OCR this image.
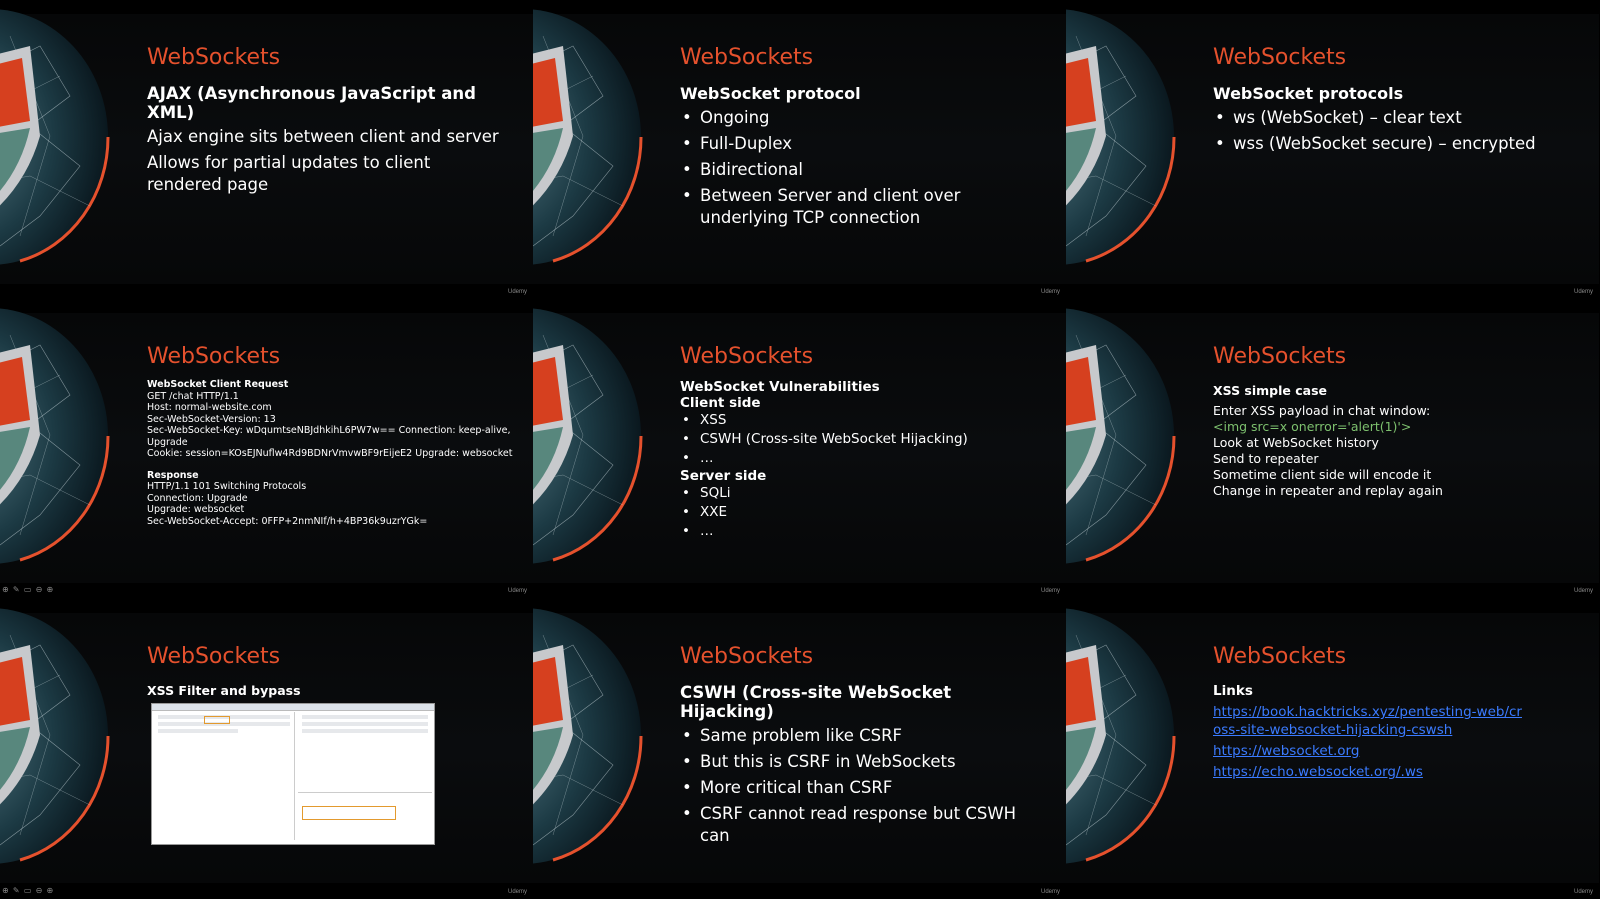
WebSockets
AJAX (Asynchronous JavaScript and XML)
Ajax engine sits between client and server
Allows for partial updates to client rendered page
Udemy
WebSockets
WebSocket protocol
• Ongoing
• Full-Duplex
• Bidirectional
• Between Server and client over underlying TCP connection
Udemy
WebSockets
WebSocket protocols
• ws (WebSocket) – clear text
• wss (WebSocket secure) – encrypted
Udemy
WebSockets
WebSocket Client Request
GET /chat HTTP/1.1
Host: normal-website.com
Sec-WebSocket-Version: 13
Sec-WebSocket-Key: wDqumtseNBJdhkihL6PW7w== Connection: keep-alive, Upgrade
Cookie: session=KOsEJNuflw4Rd9BDNrVmvwBF9rEijeE2 Upgrade: websocket
Response
HTTP/1.1 101 Switching Protocols
Connection: Upgrade
Upgrade: websocket
Sec-WebSocket-Accept: 0FFP+2nmNIf/h+4BP36k9uzrYGk=
⊕ ✎ ▭ ⊖ ⊕	Udemy
WebSockets
WebSocket Vulnerabilities
Client side
• XSS
• CSWH (Cross-site WebSocket Hijacking)
• …
Server side
• SQLi
• XXE
• …
Udemy
WebSockets
XSS simple case
Enter XSS payload in chat window:
<img src=x onerror='alert(1)'>
Look at WebSocket history
Send to repeater
Sometime client side will encode it
Change in repeater and replay again
Udemy
WebSockets
XSS Filter and bypass
⊕ ✎ ▭ ⊖ ⊕	Udemy
WebSockets
CSWH (Cross-site WebSocket Hijacking)
• Same problem like CSRF
• But this is CSRF in WebSockets
• More critical than CSRF
• CSRF cannot read response but CSWH can
Udemy
WebSockets
Links
https://book.hacktricks.xyz/pentesting-web/cross-site-websocket-hijacking-cswsh
https://websocket.org
https://echo.websocket.org/.ws
Udemy
